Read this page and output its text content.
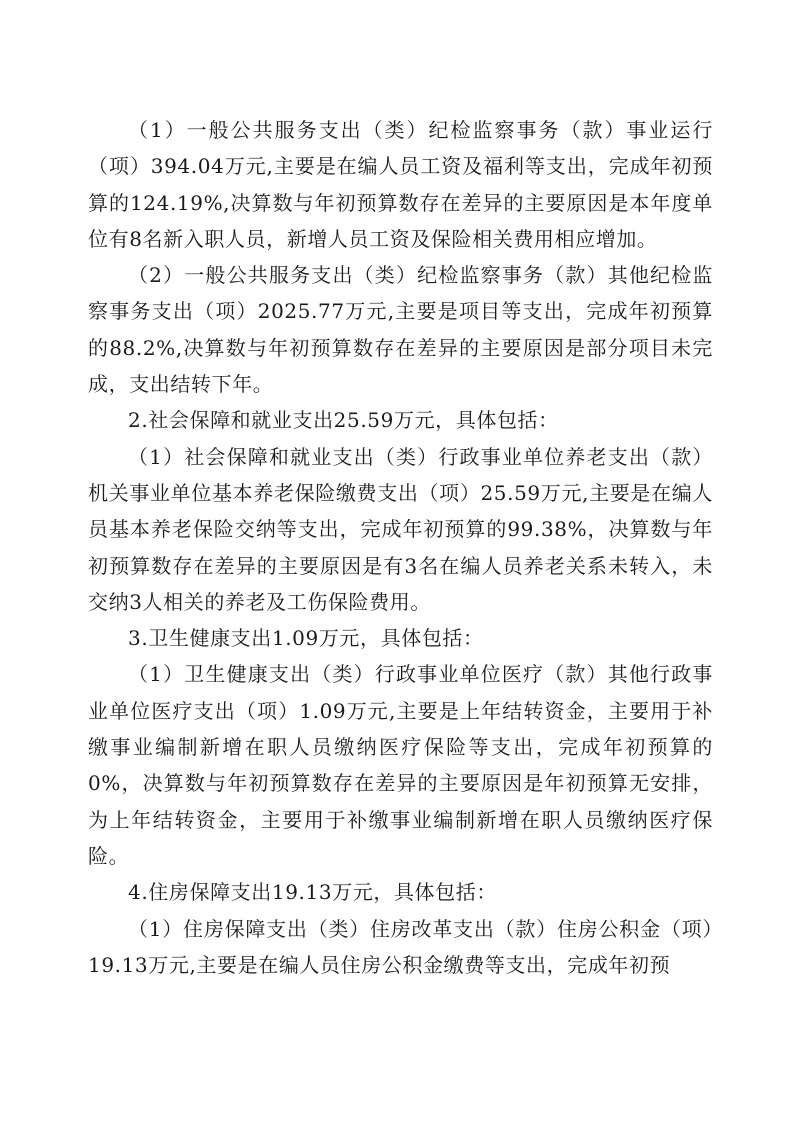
（1）一般公共服务支出（类）纪检监察事务（款）事业运行（项）394.04万元,主要是在编人员工资及福利等支出，完成年初预算的124.19%,决算数与年初预算数存在差异的主要原因是本年度单位有8名新入职人员，新增人员工资及保险相关费用相应增加。

（2）一般公共服务支出（类）纪检监察事务（款）其他纪检监察事务支出（项）2025.77万元,主要是项目等支出，完成年初预算的88.2%,决算数与年初预算数存在差异的主要原因是部分项目未完成，支出结转下年。

2.社会保障和就业支出25.59万元，具体包括：

（1）社会保障和就业支出（类）行政事业单位养老支出（款）机关事业单位基本养老保险缴费支出（项）25.59万元,主要是在编人员基本养老保险交纳等支出，完成年初预算的99.38%，决算数与年初预算数存在差异的主要原因是有3名在编人员养老关系未转入，未交纳3人相关的养老及工伤保险费用。

3.卫生健康支出1.09万元，具体包括：

（1）卫生健康支出（类）行政事业单位医疗（款）其他行政事业单位医疗支出（项）1.09万元,主要是上年结转资金，主要用于补缴事业编制新增在职人员缴纳医疗保险等支出，完成年初预算的0%，决算数与年初预算数存在差异的主要原因是年初预算无安排，为上年结转资金，主要用于补缴事业编制新增在职人员缴纳医疗保险。

4.住房保障支出19.13万元，具体包括：

（1）住房保障支出（类）住房改革支出（款）住房公积金（项）19.13万元,主要是在编人员住房公积金缴费等支出，完成年初预
